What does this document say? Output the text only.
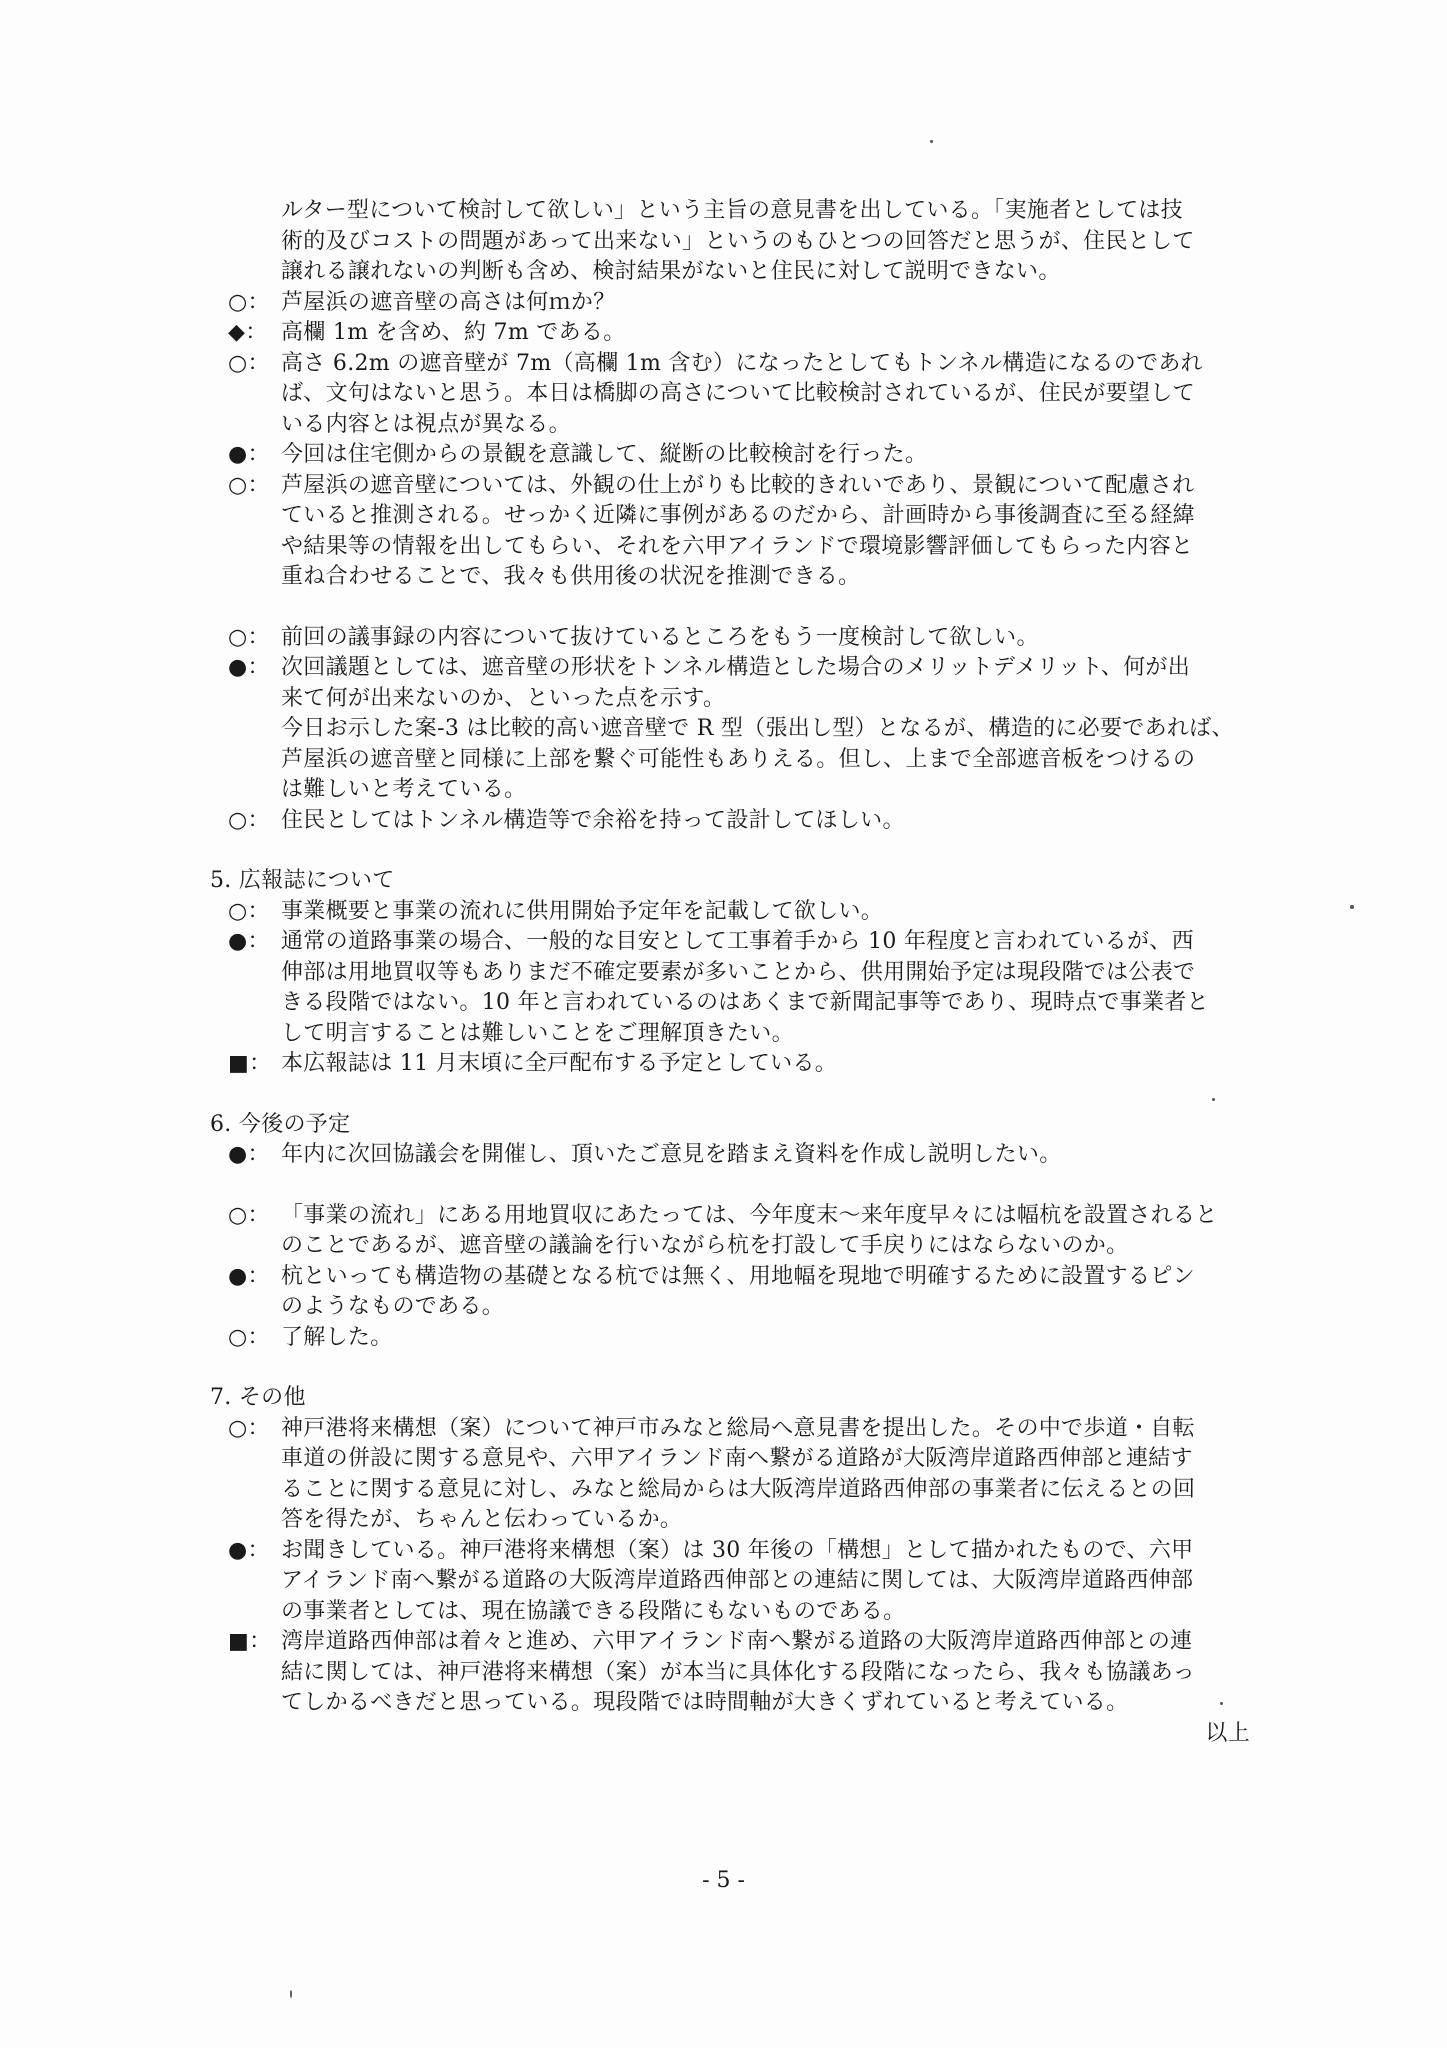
ルター型について検討して欲しい」という主旨の意見書を出している。「実施者としては技
術的及びコストの問題があって出来ない」というのもひとつの回答だと思うが、住民として
譲れる譲れないの判断も含め、検討結果がないと住民に対して説明できない。
○： 芦屋浜の遮音壁の高さは何ｍか？
◆： 高欄 1m を含め、約 7m である。
○： 高さ 6.2m の遮音壁が 7m（高欄 1m 含む）になったとしてもトンネル構造になるのであれ
ば、文句はないと思う。本日は橋脚の高さについて比較検討されているが、住民が要望して
いる内容とは視点が異なる。
●： 今回は住宅側からの景観を意識して、縦断の比較検討を行った。
○： 芦屋浜の遮音壁については、外観の仕上がりも比較的きれいであり、景観について配慮され
ていると推測される。せっかく近隣に事例があるのだから、計画時から事後調査に至る経緯
や結果等の情報を出してもらい、それを六甲アイランドで環境影響評価してもらった内容と
重ね合わせることで、我々も供用後の状況を推測できる。
○： 前回の議事録の内容について抜けているところをもう一度検討して欲しい。
●： 次回議題としては、遮音壁の形状をトンネル構造とした場合のメリットデメリット、何が出
来て何が出来ないのか、といった点を示す。
今日お示した案-3 は比較的高い遮音壁で R 型（張出し型）となるが、構造的に必要であれば、
芦屋浜の遮音壁と同様に上部を繋ぐ可能性もありえる。但し、上まで全部遮音板をつけるの
は難しいと考えている。
○： 住民としてはトンネル構造等で余裕を持って設計してほしい。
5. 広報誌について
○： 事業概要と事業の流れに供用開始予定年を記載して欲しい。
●： 通常の道路事業の場合、一般的な目安として工事着手から 10 年程度と言われているが、西
伸部は用地買収等もありまだ不確定要素が多いことから、供用開始予定は現段階では公表で
きる段階ではない。10 年と言われているのはあくまで新聞記事等であり、現時点で事業者と
して明言することは難しいことをご理解頂きたい。
■： 本広報誌は 11 月末頃に全戸配布する予定としている。
6. 今後の予定
●： 年内に次回協議会を開催し、頂いたご意見を踏まえ資料を作成し説明したい。
○： 「事業の流れ」にある用地買収にあたっては、今年度末～来年度早々には幅杭を設置されると
のことであるが、遮音壁の議論を行いながら杭を打設して手戻りにはならないのか。
●： 杭といっても構造物の基礎となる杭では無く、用地幅を現地で明確するために設置するピン
のようなものである。
○： 了解した。
7. その他
○： 神戸港将来構想（案）について神戸市みなと総局へ意見書を提出した。その中で歩道・自転
車道の併設に関する意見や、六甲アイランド南へ繋がる道路が大阪湾岸道路西伸部と連結す
ることに関する意見に対し、みなと総局からは大阪湾岸道路西伸部の事業者に伝えるとの回
答を得たが、ちゃんと伝わっているか。
●： お聞きしている。神戸港将来構想（案）は 30 年後の「構想」として描かれたもので、六甲
アイランド南へ繋がる道路の大阪湾岸道路西伸部との連結に関しては、大阪湾岸道路西伸部
の事業者としては、現在協議できる段階にもないものである。
■： 湾岸道路西伸部は着々と進め、六甲アイランド南へ繋がる道路の大阪湾岸道路西伸部との連
結に関しては、神戸港将来構想（案）が本当に具体化する段階になったら、我々も協議あっ
てしかるべきだと思っている。現段階では時間軸が大きくずれていると考えている。
以上
- 5 -
